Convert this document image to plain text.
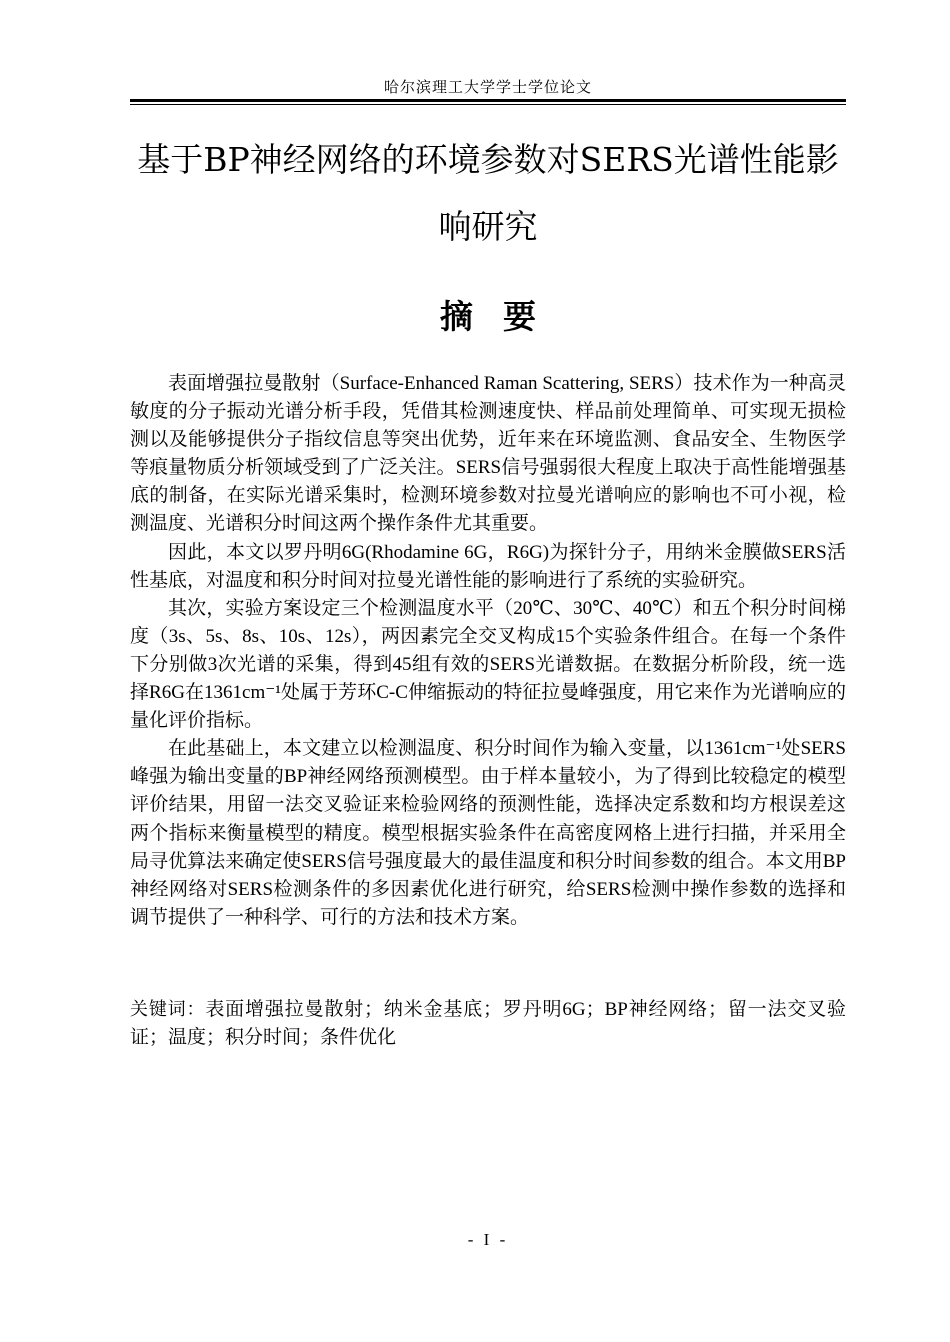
哈尔滨理工大学学士学位论文
基于BP神经网络的环境参数对SERS光谱性能影
响研究
摘要

表面增强拉曼散射（Surface-Enhanced Raman Scattering, SERS）技术作为一种高灵敏度的分子振动光谱分析手段，凭借其检测速度快、样品前处理简单、可实现无损检测以及能够提供分子指纹信息等突出优势，近年来在环境监测、食品安全、生物医学等痕量物质分析领域受到了广泛关注。SERS信号强弱很大程度上取决于高性能增强基底的制备，在实际光谱采集时，检测环境参数对拉曼光谱响应的影响也不可小视，检测温度、光谱积分时间这两个操作条件尤其重要。

因此，本文以罗丹明6G(Rhodamine 6G，R6G)为探针分子，用纳米金膜做SERS活性基底，对温度和积分时间对拉曼光谱性能的影响进行了系统的实验研究。

其次，实验方案设定三个检测温度水平（20℃、30℃、40℃）和五个积分时间梯度（3s、5s、8s、10s、12s），两因素完全交叉构成15个实验条件组合。在每一个条件下分别做3次光谱的采集，得到45组有效的SERS光谱数据。在数据分析阶段，统一选择R6G在1361cm⁻¹处属于芳环C-C伸缩振动的特征拉曼峰强度，用它来作为光谱响应的量化评价指标。

在此基础上，本文建立以检测温度、积分时间作为输入变量，以1361cm⁻¹处SERS峰强为输出变量的BP神经网络预测模型。由于样本量较小，为了得到比较稳定的模型评价结果，用留一法交叉验证来检验网络的预测性能，选择决定系数和均方根误差这两个指标来衡量模型的精度。模型根据实验条件在高密度网格上进行扫描，并采用全局寻优算法来确定使SERS信号强度最大的最佳温度和积分时间参数的组合。本文用BP神经网络对SERS检测条件的多因素优化进行研究，给SERS检测中操作参数的选择和调节提供了一种科学、可行的方法和技术方案。

关键词：表面增强拉曼散射；纳米金基底；罗丹明6G；BP神经网络；留一法交叉验证；温度；积分时间；条件优化
- I -
